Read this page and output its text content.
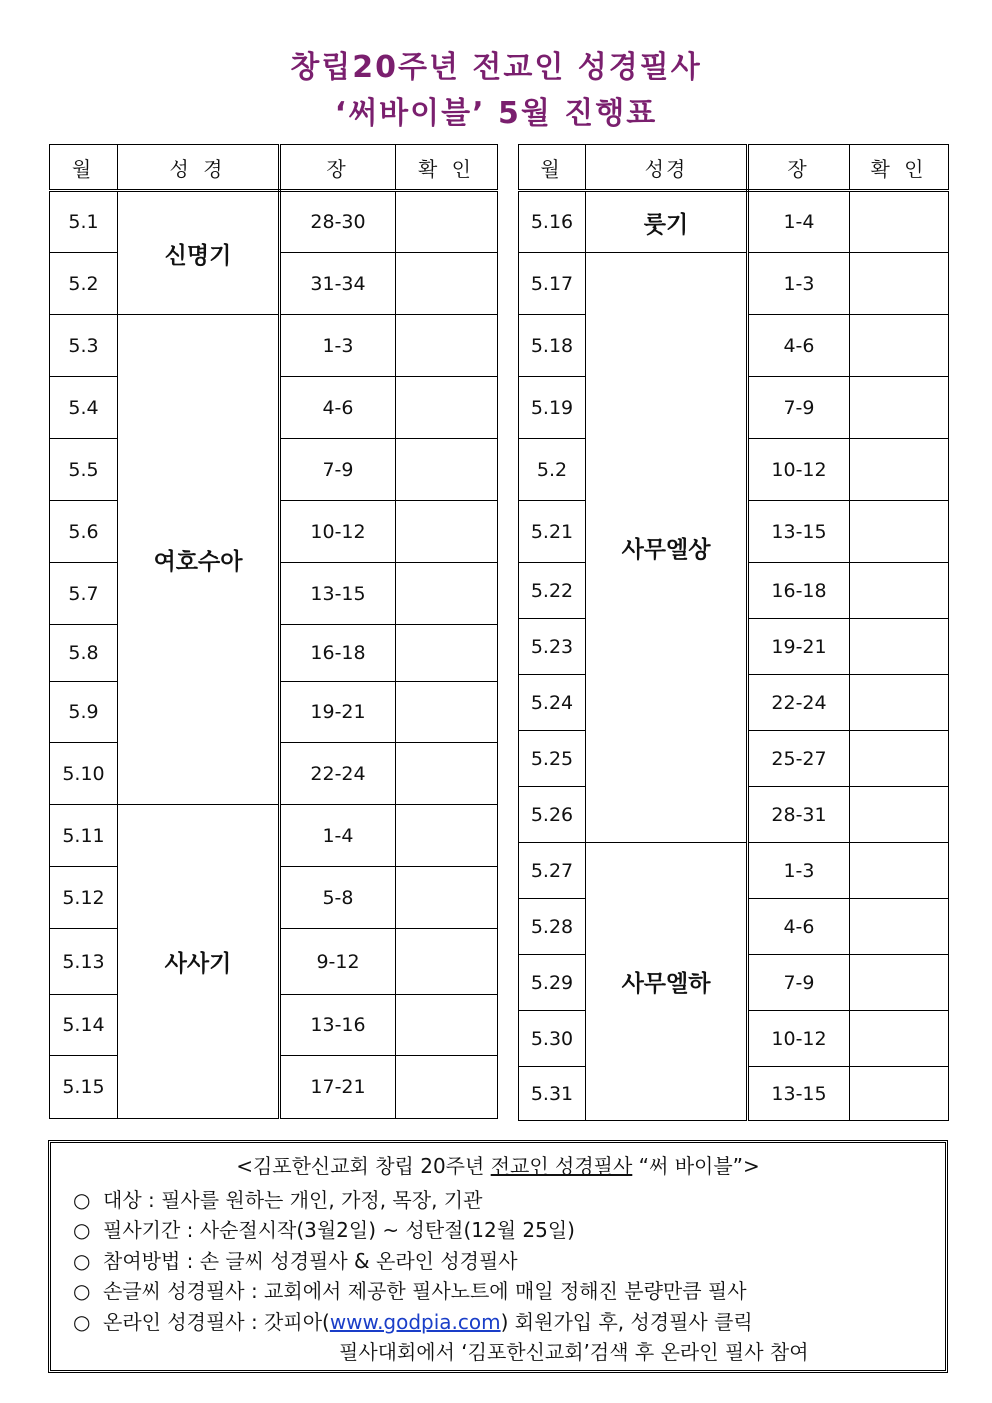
창립20주년 전교인 성경필사
‘써바이블’ 5월 진행표
월	성 경	장	확 인
5.1	신명기	28-30	
5.2		31-34	
5.3	여호수아	1-3	
5.4		4-6	
5.5		7-9	
5.6		10-12	
5.7		13-15	
5.8		16-18	
5.9		19-21	
5.10		22-24	
5.11	사사기	1-4	
5.12		5-8	
5.13		9-12	
5.14		13-16	
5.15		17-21	
월	성경	장	확 인
5.16	룻기	1-4	
5.17	사무엘상	1-3	
5.18		4-6	
5.19		7-9	
5.2		10-12	
5.21		13-15	
5.22		16-18	
5.23		19-21	
5.24		22-24	
5.25		25-27	
5.26		28-31	
5.27	사무엘하	1-3	
5.28		4-6	
5.29		7-9	
5.30		10-12	
5.31		13-15	
<김포한신교회 창립 20주년 전교인 성경필사 “써 바이블”>
○ 대상 : 필사를 원하는 개인, 가정, 목장, 기관
○ 필사기간 : 사순절시작(3월2일) ~ 성탄절(12월 25일)
○ 참여방법 : 손 글씨 성경필사 & 온라인 성경필사
○ 손글씨 성경필사 : 교회에서 제공한 필사노트에 매일 정해진 분량만큼 필사
○ 온라인 성경필사 : 갓피아(www.godpia.com) 회원가입 후, 성경필사 클릭
필사대회에서 ‘김포한신교회’검색 후 온라인 필사 참여
